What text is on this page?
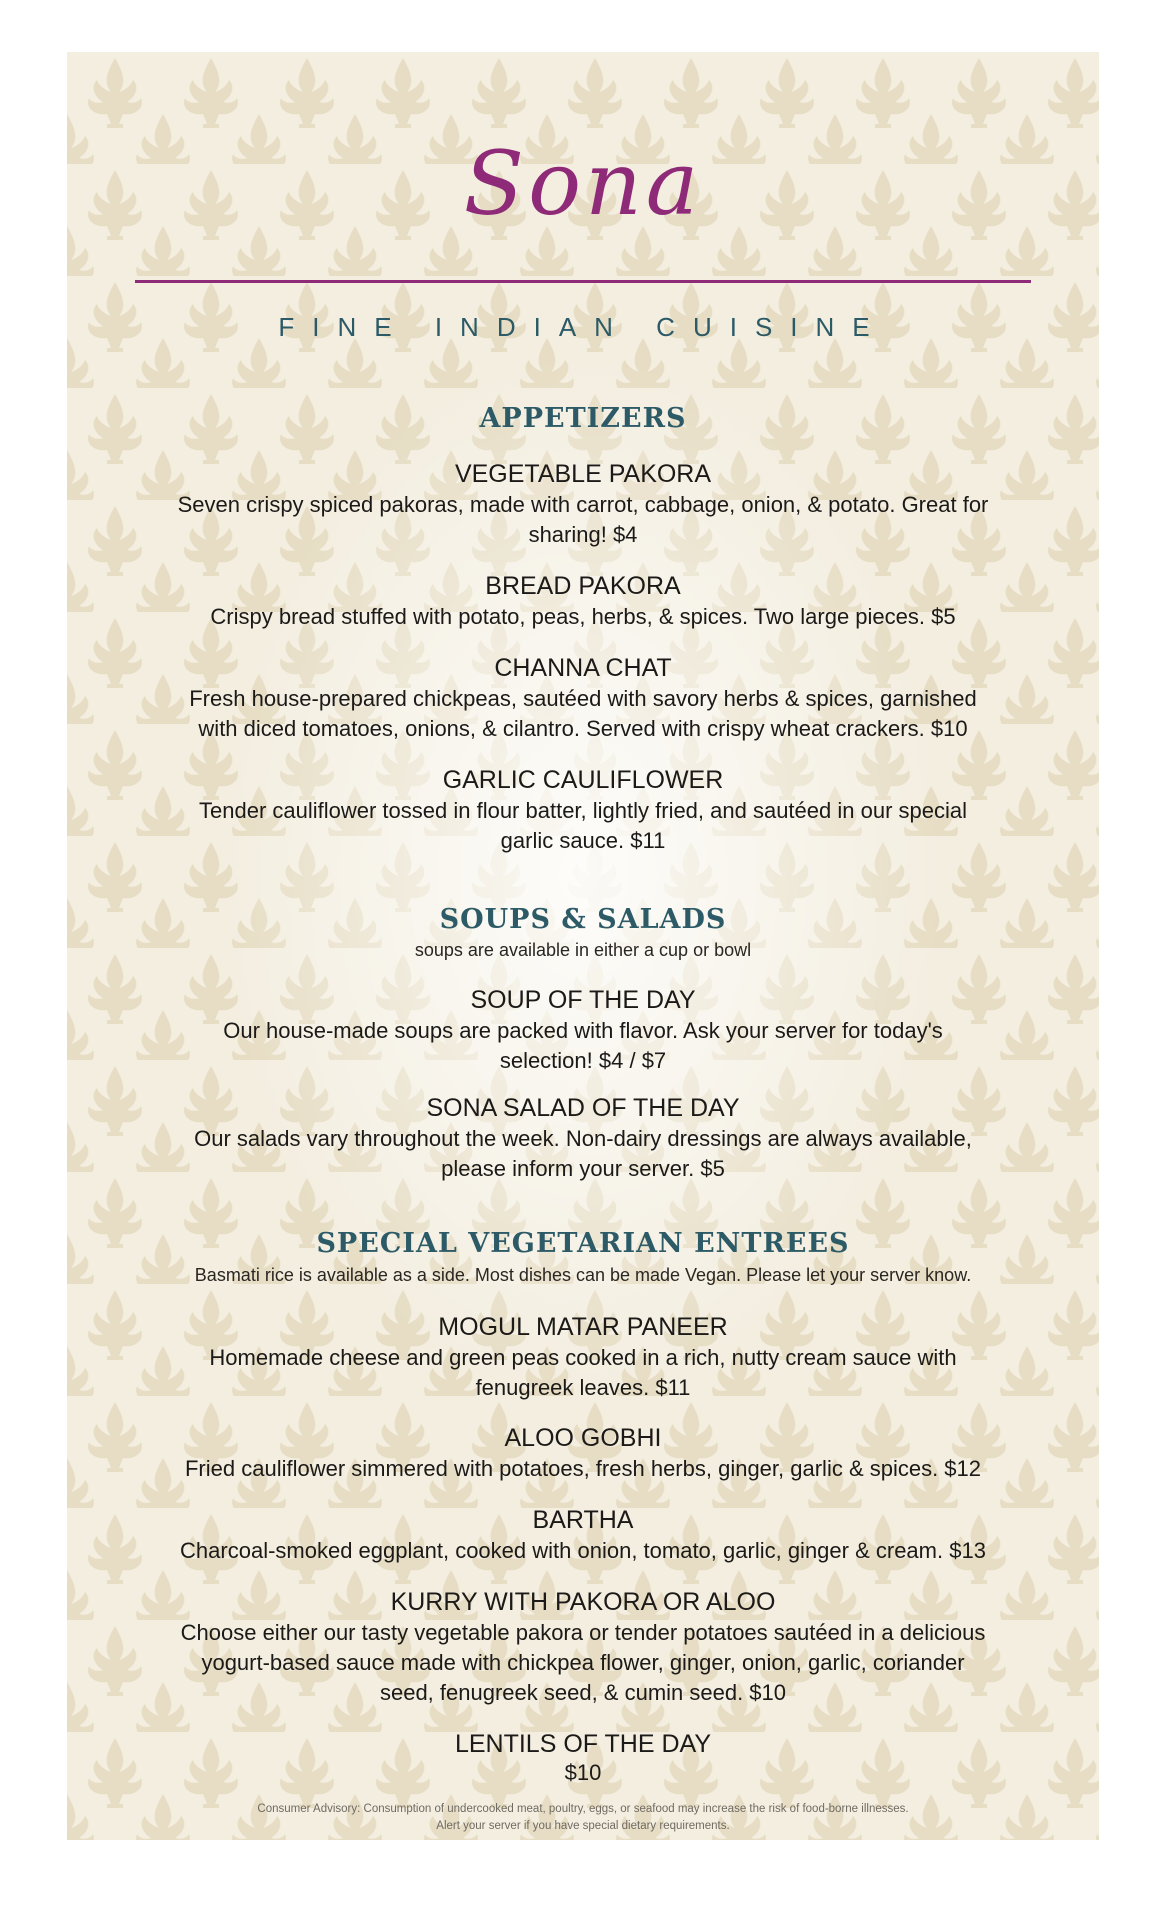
Sona
FINE INDIAN CUISINE
APPETIZERS
VEGETABLE PAKORA
Seven crispy spiced pakoras, made with carrot, cabbage, onion, & potato. Great for sharing! $4
BREAD PAKORA
Crispy bread stuffed with potato, peas, herbs, & spices. Two large pieces. $5
CHANNA CHAT
Fresh house-prepared chickpeas, sautéed with savory herbs & spices, garnished with diced tomatoes, onions, & cilantro. Served with crispy wheat crackers. $10
GARLIC CAULIFLOWER
Tender cauliflower tossed in flour batter, lightly fried, and sautéed in our special garlic sauce. $11
SOUPS & SALADS
soups are available in either a cup or bowl
SOUP OF THE DAY
Our house-made soups are packed with flavor. Ask your server for today's selection! $4 / $7
SONA SALAD OF THE DAY
Our salads vary throughout the week. Non-dairy dressings are always available, please inform your server. $5
SPECIAL VEGETARIAN ENTREES
Basmati rice is available as a side. Most dishes can be made Vegan. Please let your server know.
MOGUL MATAR PANEER
Homemade cheese and green peas cooked in a rich, nutty cream sauce with fenugreek leaves. $11
ALOO GOBHI
Fried cauliflower simmered with potatoes, fresh herbs, ginger, garlic & spices. $12
BARTHA
Charcoal-smoked eggplant, cooked with onion, tomato, garlic, ginger & cream. $13
KURRY WITH PAKORA OR ALOO
Choose either our tasty vegetable pakora or tender potatoes sautéed in a delicious yogurt-based sauce made with chickpea flower, ginger, onion, garlic, coriander seed, fenugreek seed, & cumin seed. $10
LENTILS OF THE DAY
$10
Consumer Advisory: Consumption of undercooked meat, poultry, eggs, or seafood may increase the risk of food-borne illnesses.
Alert your server if you have special dietary requirements.
